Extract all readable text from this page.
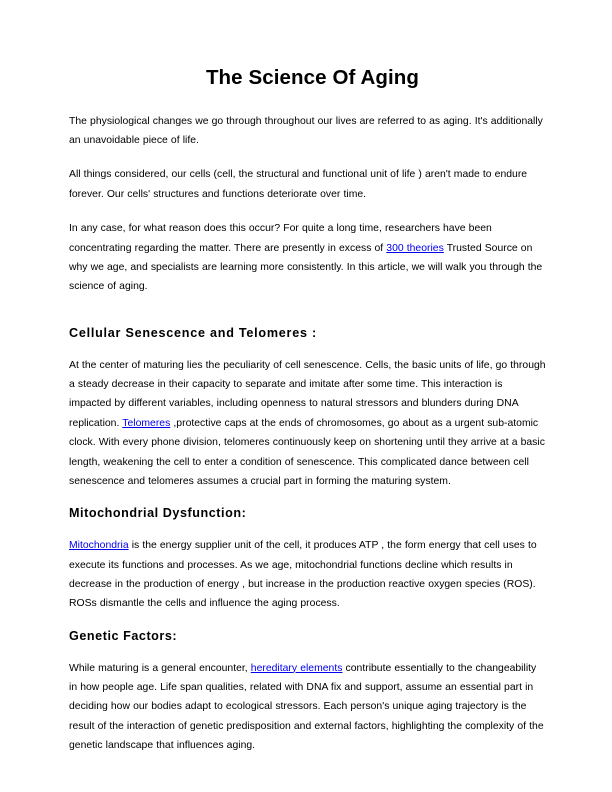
The Science Of Aging

The physiological changes we go through throughout our lives are referred to as aging. It's additionally an unavoidable piece of life.

All things considered, our cells (cell, the structural and functional unit of life ) aren't made to endure forever. Our cells' structures and functions deteriorate over time.

In any case, for what reason does this occur? For quite a long time, researchers have been concentrating regarding the matter. There are presently in excess of 300 theories Trusted Source on why we age, and specialists are learning more consistently. In this article, we will walk you through the science of aging.

Cellular Senescence and Telomeres :

At the center of maturing lies the peculiarity of cell senescence. Cells, the basic units of life, go through a steady decrease in their capacity to separate and imitate after some time. This interaction is impacted by different variables, including openness to natural stressors and blunders during DNA replication. Telomeres ,protective caps at the ends of chromosomes, go about as a urgent sub-atomic clock. With every phone division, telomeres continuously keep on shortening until they arrive at a basic length, weakening the cell to enter a condition of senescence. This complicated dance between cell senescence and telomeres assumes a crucial part in forming the maturing system.

Mitochondrial Dysfunction:

Mitochondria is the energy supplier unit of the cell, it produces ATP , the form energy that cell uses to execute its functions and processes. As we age, mitochondrial functions decline which results in decrease in the production of energy , but increase in the production reactive oxygen species (ROS). ROSs dismantle the cells and influence the aging process.

Genetic Factors:

While maturing is a general encounter, hereditary elements contribute essentially to the changeability in how people age. Life span qualities, related with DNA fix and support, assume an essential part in deciding how our bodies adapt to ecological stressors. Each person's unique aging trajectory is the result of the interaction of genetic predisposition and external factors, highlighting the complexity of the genetic landscape that influences aging.
